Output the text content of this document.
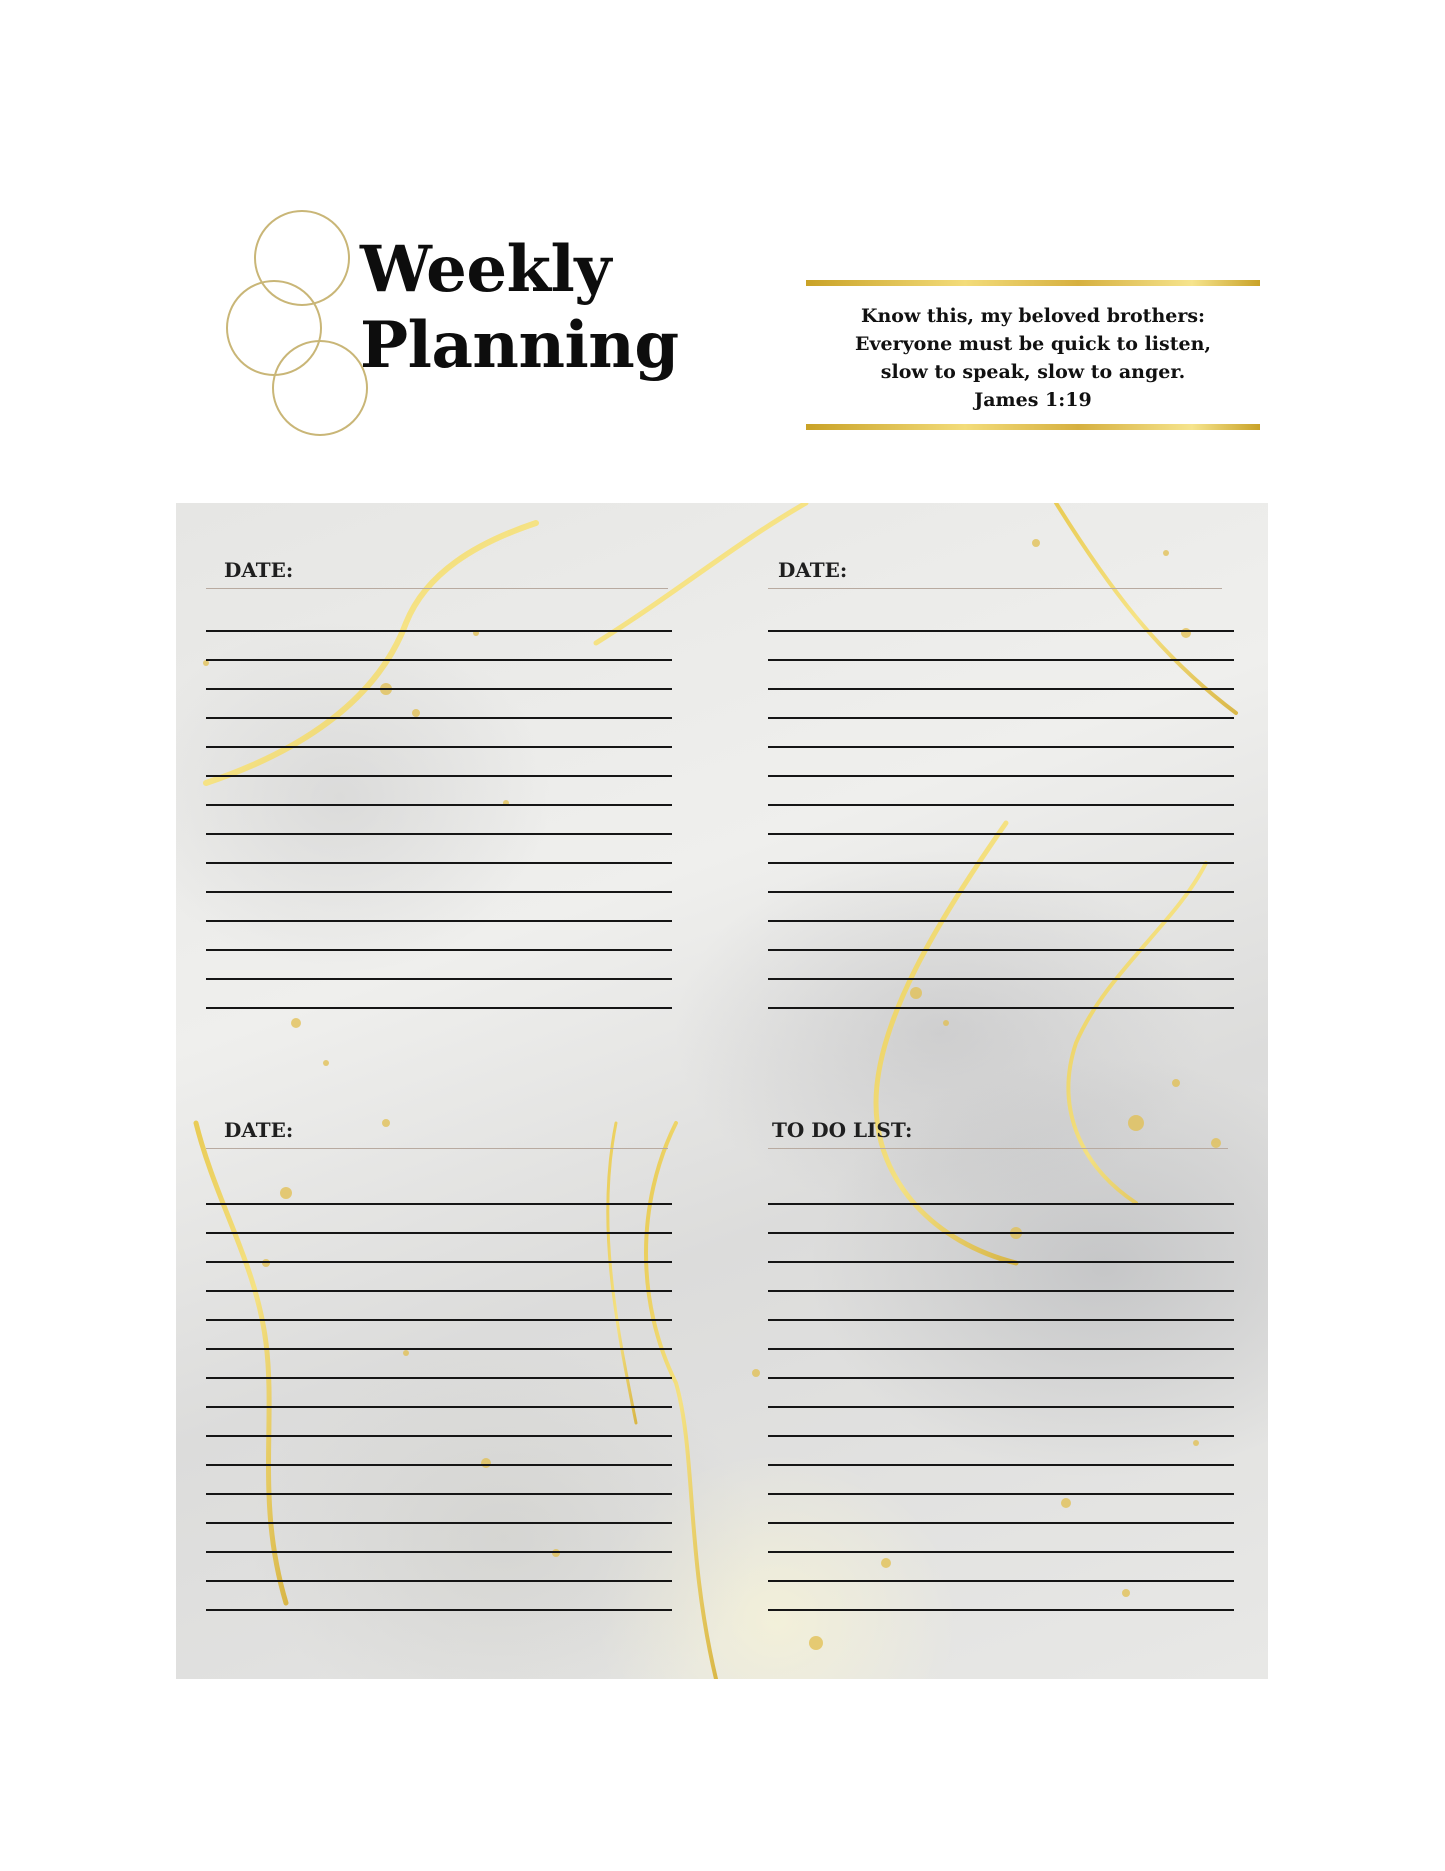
Weekly
Planning	Know this, my beloved brothers:
Everyone must be quick to listen,
slow to speak, slow to anger.
James 1:19
DATE:	DATE:
DATE:	TO DO LIST:
